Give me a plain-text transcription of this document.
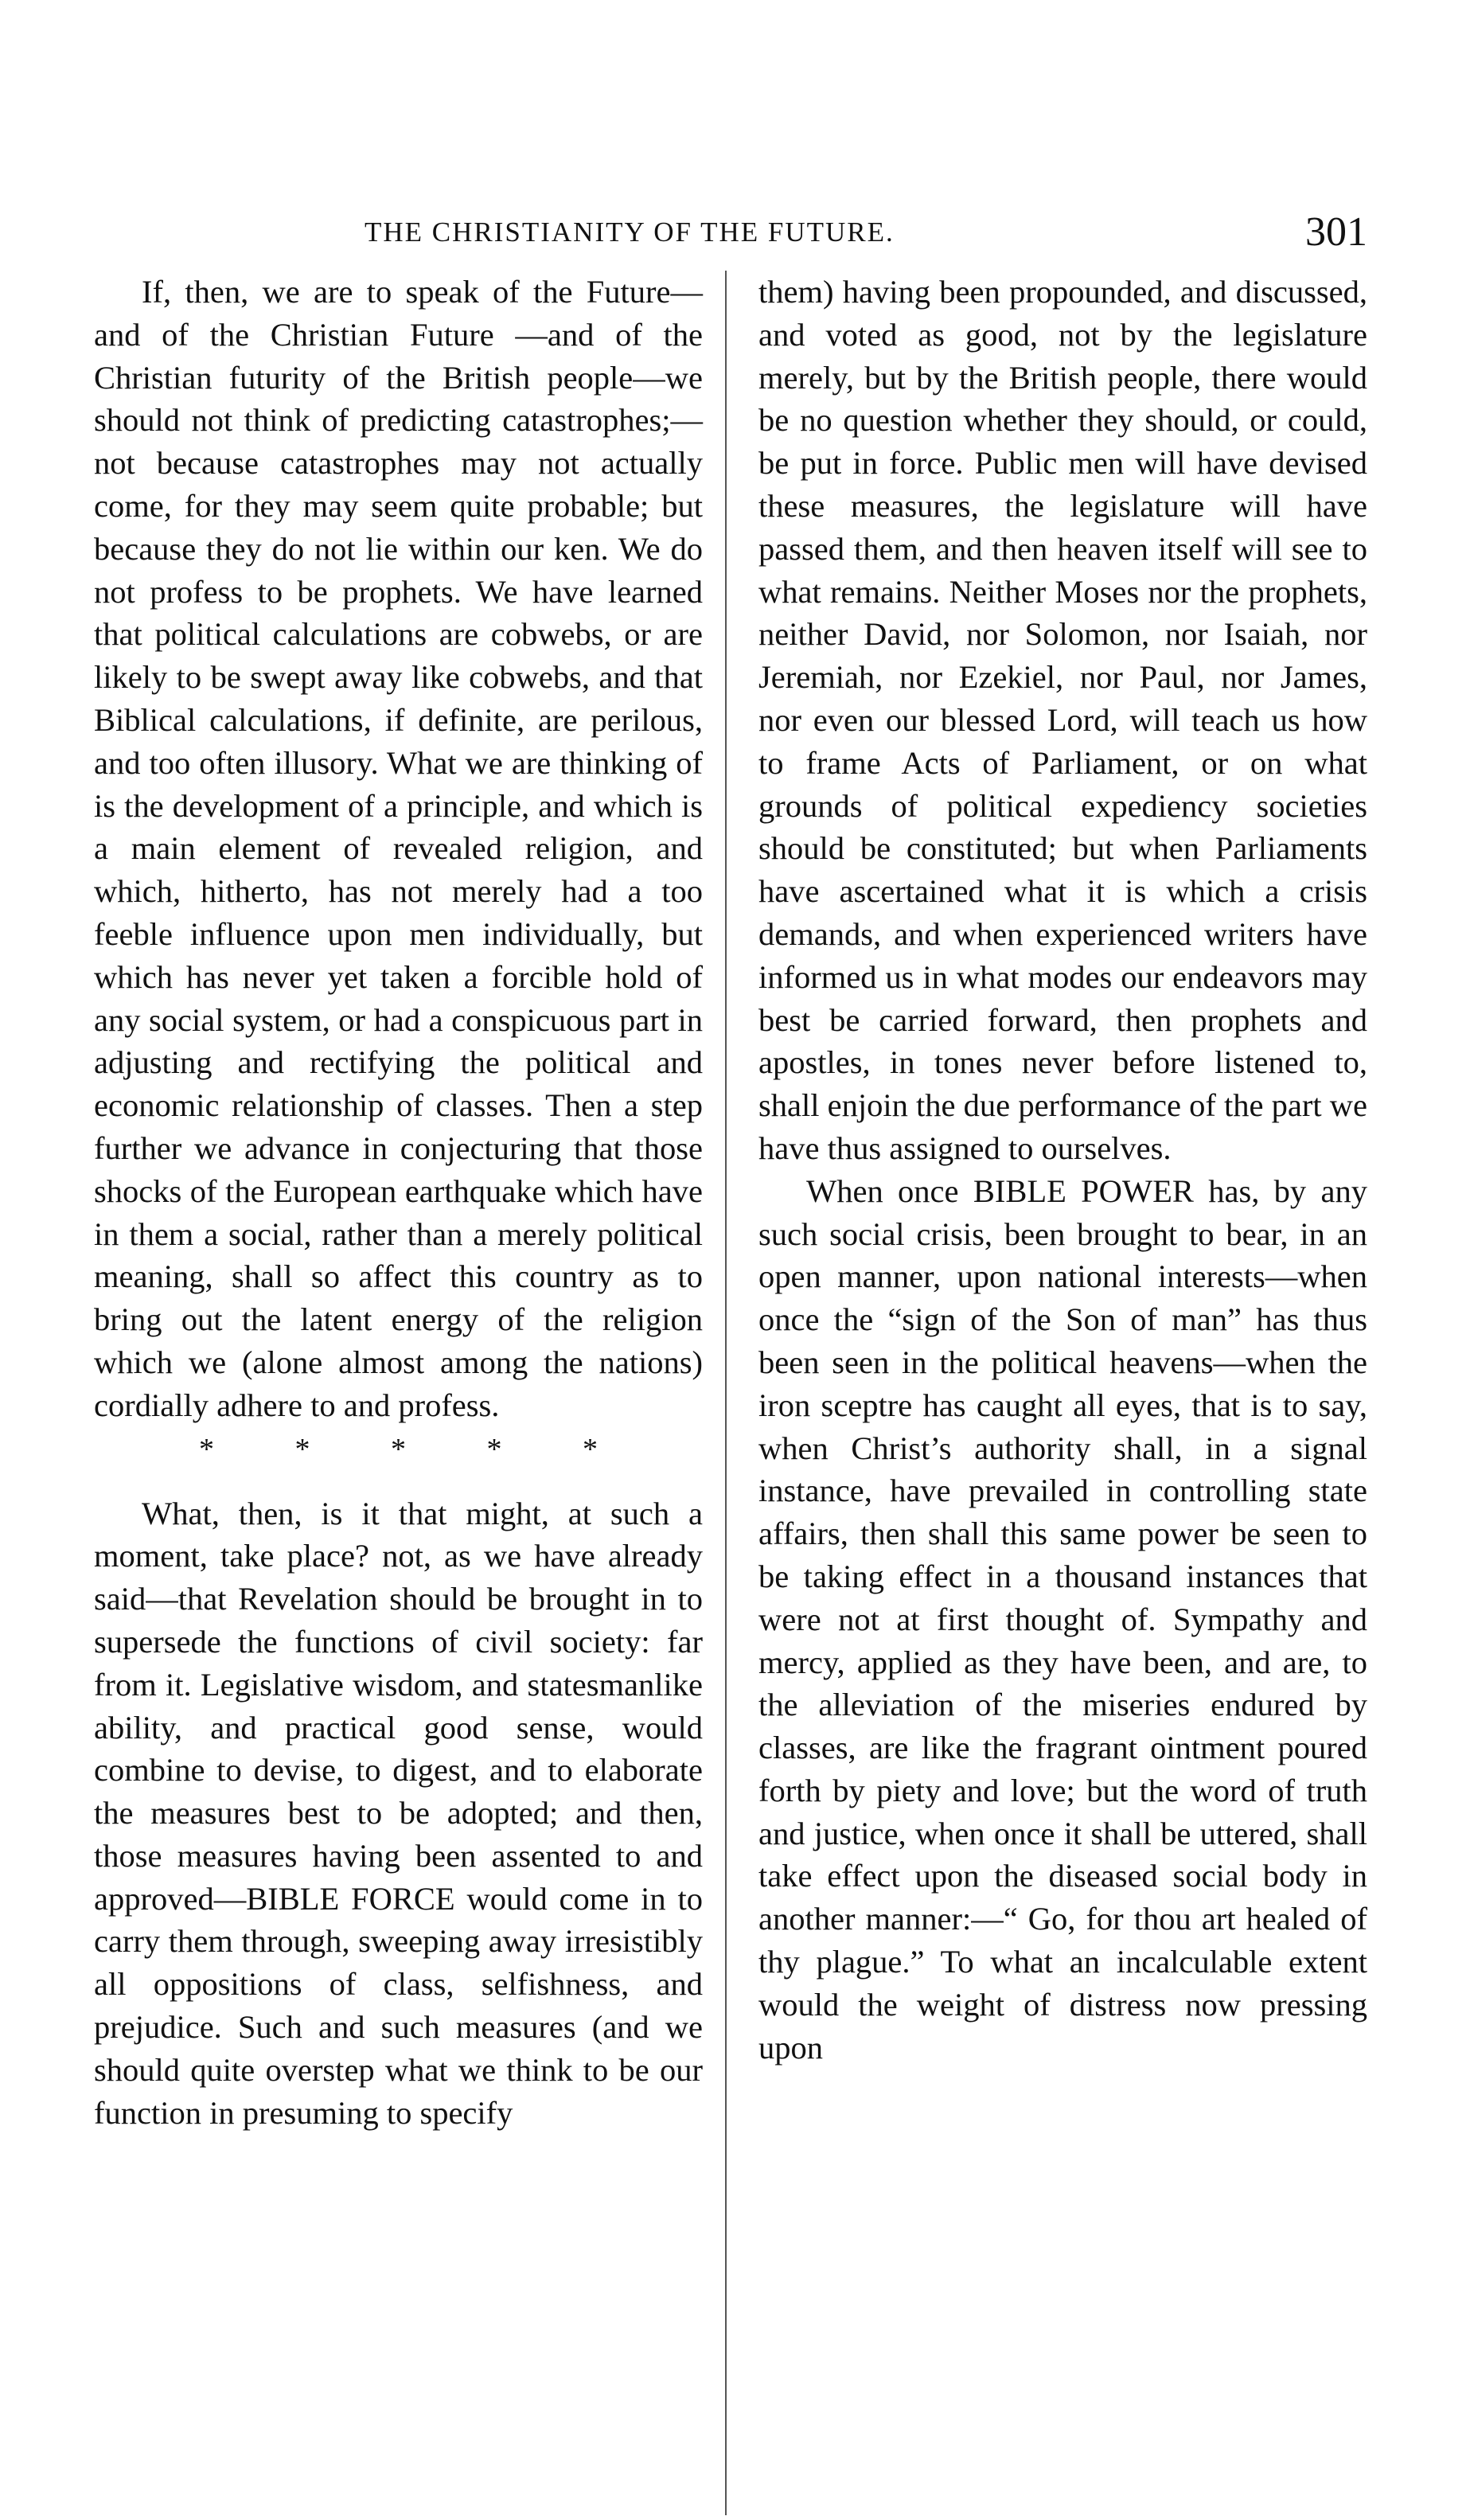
THE CHRISTIANITY OF THE FUTURE.	301

If, then, we are to speak of the Future—and of the Christian Future —and of the Christian futurity of the British people—we should not think of predicting catastrophes;—not because catastrophes may not actually come, for they may seem quite probable; but because they do not lie within our ken. We do not profess to be prophets. We have learned that political calculations are cobwebs, or are likely to be swept away like cobwebs, and that Biblical calculations, if definite, are perilous, and too often illusory. What we are thinking of is the development of a principle, and which is a main element of revealed religion, and which, hitherto, has not merely had a too feeble influence upon men individually, but which has never yet taken a forcible hold of any social system, or had a conspicuous part in adjusting and rectifying the political and economic relationship of classes. Then a step further we advance in conjecturing that those shocks of the European earthquake which have in them a social, rather than a merely political meaning, shall so affect this country as to bring out the latent energy of the religion which we (alone almost among the nations) cordially adhere to and profess.

* * * * *

What, then, is it that might, at such a moment, take place? not, as we have already said—that Revelation should be brought in to supersede the functions of civil society: far from it. Legislative wisdom, and statesmanlike ability, and practical good sense, would combine to devise, to digest, and to elaborate the measures best to be adopted; and then, those measures having been assented to and approved—BIBLE FORCE would come in to carry them through, sweeping away irresistibly all oppositions of class, selfishness, and prejudice. Such and such measures (and we should quite overstep what we think to be our function in presuming to specify

them) having been propounded, and discussed, and voted as good, not by the legislature merely, but by the British people, there would be no question whether they should, or could, be put in force. Public men will have devised these measures, the legislature will have passed them, and then heaven itself will see to what remains. Neither Moses nor the prophets, neither David, nor Solomon, nor Isaiah, nor Jeremiah, nor Ezekiel, nor Paul, nor James, nor even our blessed Lord, will teach us how to frame Acts of Parliament, or on what grounds of political expediency societies should be constituted; but when Parliaments have ascertained what it is which a crisis demands, and when experienced writers have informed us in what modes our endeavors may best be carried forward, then prophets and apostles, in tones never before listened to, shall enjoin the due performance of the part we have thus assigned to ourselves.

When once BIBLE POWER has, by any such social crisis, been brought to bear, in an open manner, upon national interests—when once the “sign of the Son of man” has thus been seen in the political heavens—when the iron sceptre has caught all eyes, that is to say, when Christ’s authority shall, in a signal instance, have prevailed in controlling state affairs, then shall this same power be seen to be taking effect in a thousand instances that were not at first thought of. Sympathy and mercy, applied as they have been, and are, to the alleviation of the miseries endured by classes, are like the fragrant ointment poured forth by piety and love; but the word of truth and justice, when once it shall be uttered, shall take effect upon the diseased social body in another manner:—“ Go, for thou art healed of thy plague.” To what an incalculable extent would the weight of distress now pressing upon
